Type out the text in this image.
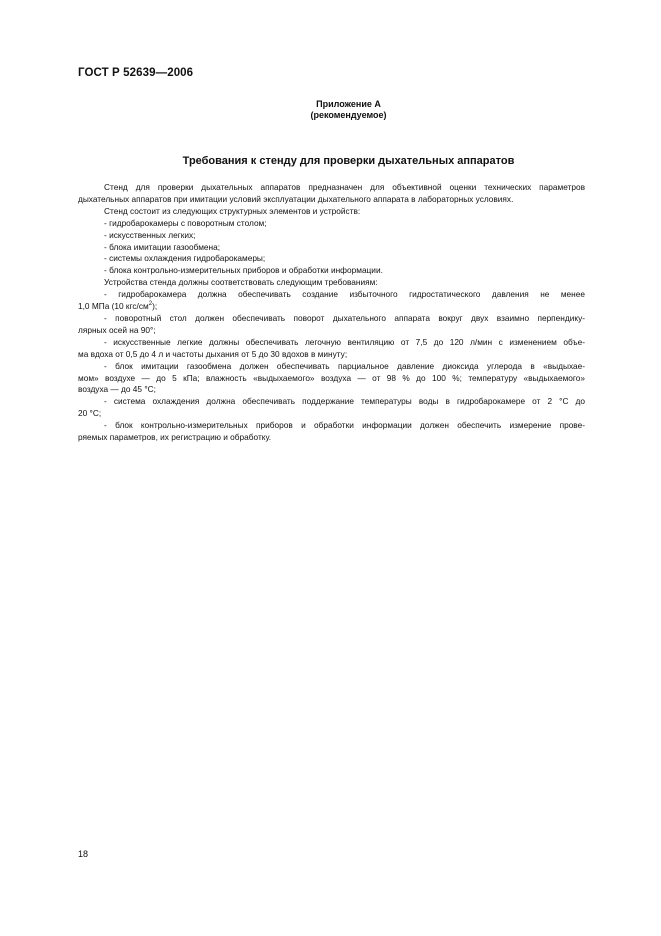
ГОСТ Р 52639—2006
Приложение А
(рекомендуемое)
Требования к стенду для проверки дыхательных аппаратов
Стенд для проверки дыхательных аппаратов предназначен для объективной оценки технических параметров
дыхательных аппаратов при имитации условий эксплуатации дыхательного аппарата в лабораторных условиях.
Стенд состоит из следующих структурных элементов и устройств:
- гидробарокамеры с поворотным столом;
- искусственных легких;
- блока имитации газообмена;
- системы охлаждения гидробарокамеры;
- блока контрольно-измерительных приборов и обработки информации.
Устройства стенда должны соответствовать следующим требованиям:
- гидробарокамера должна обеспечивать создание избыточного гидростатического давления не менее
1,0 МПа (10 кгс/$см^2$);
- поворотный стол должен обеспечивать поворот дыхательного аппарата вокруг двух взаимно перпендику-
лярных осей на 90°;
- искусственные легкие должны обеспечивать легочную вентиляцию от 7,5 до 120 л/мин с изменением объе-
ма вдоха от 0,5 до 4 л и частоты дыхания от 5 до 30 вдохов в минуту;
- блок имитации газообмена должен обеспечивать парциальное давление диоксида углерода в «выдыхае-
мом» воздухе — до 5 кПа; влажность «выдыхаемого» воздуха — от 98 % до 100 %; температуру «выдыхаемого»
воздуха — до 45 °С;
- система охлаждения должна обеспечивать поддержание температуры воды в гидробарокамере от 2 °С до
20 °С;
- блок контрольно-измерительных приборов и обработки информации должен обеспечить измерение прове-
ряемых параметров, их регистрацию и обработку.
18
